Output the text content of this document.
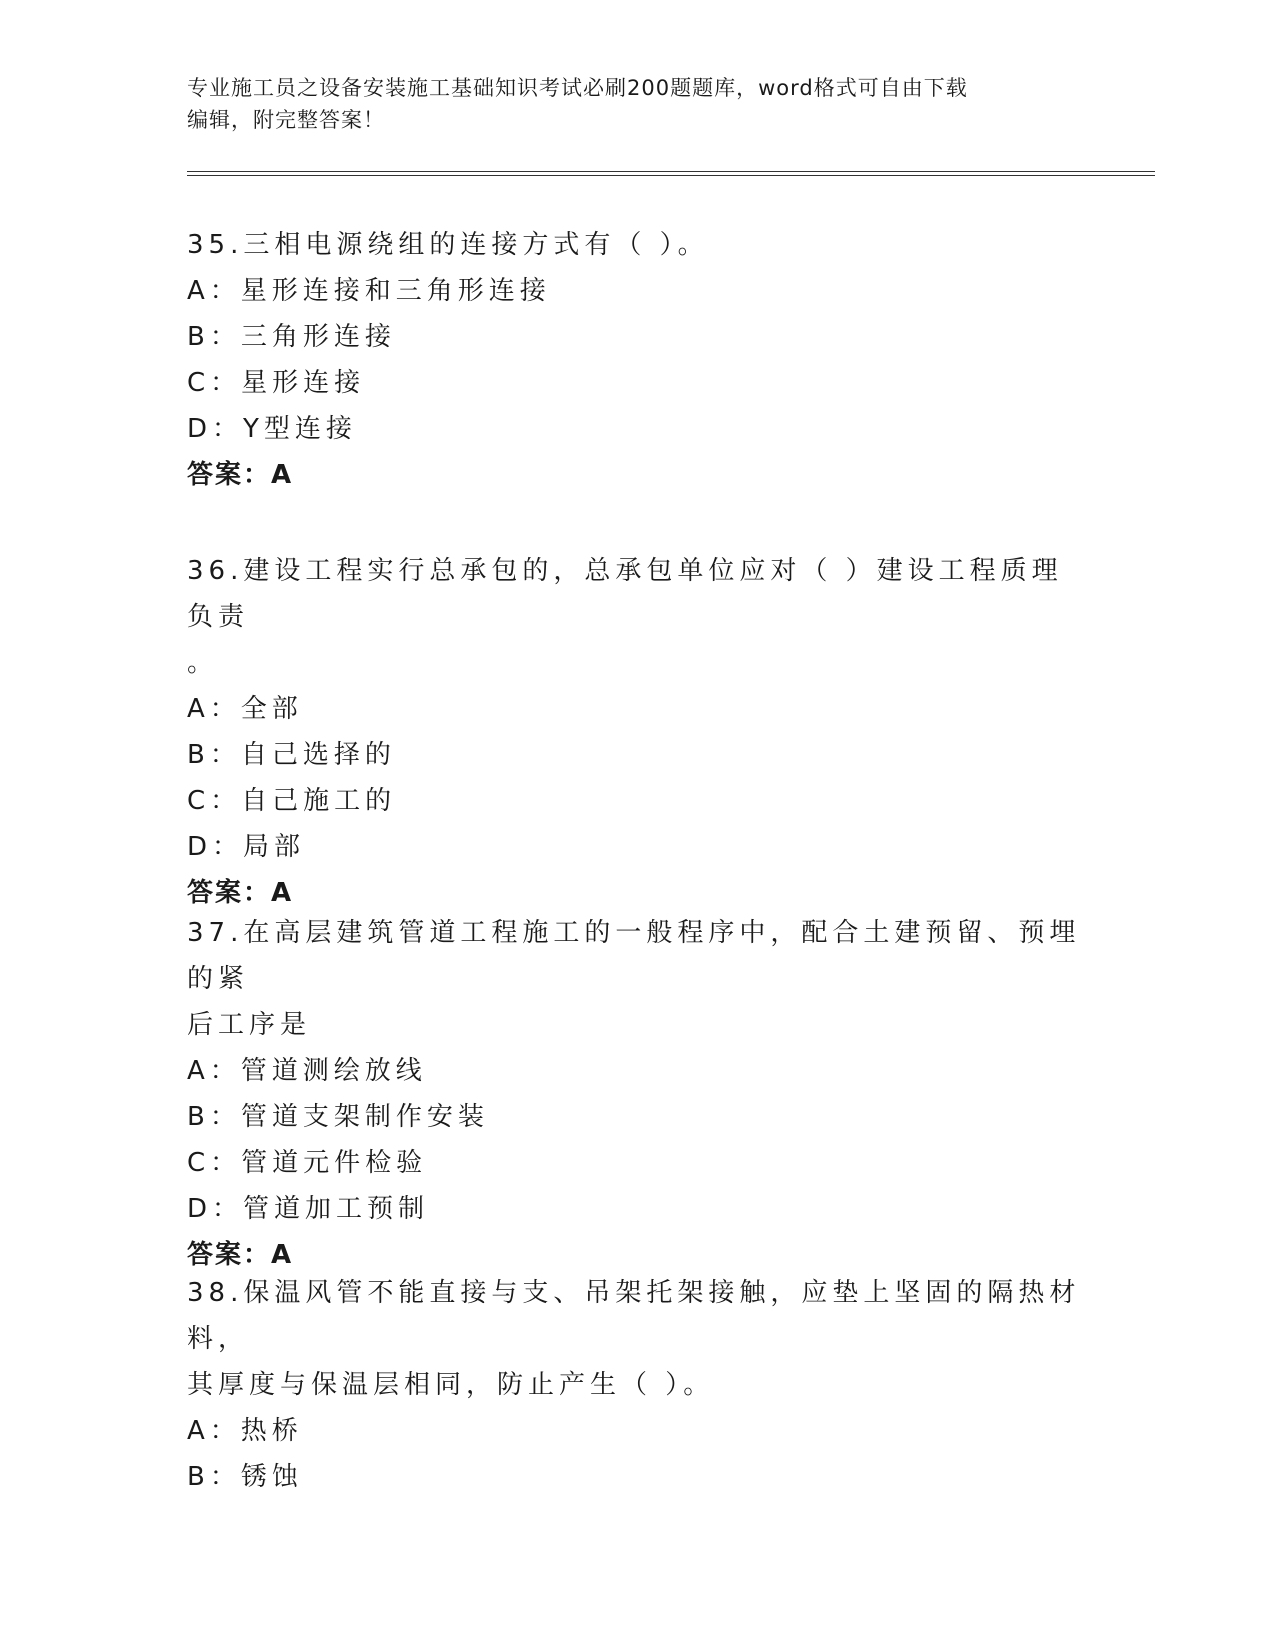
专业施工员之设备安装施工基础知识考试必刷200题题库，word格式可自由下载
编辑，附完整答案！
35.三相电源绕组的连接方式有（ ）。
A：星形连接和三角形连接
B：三角形连接
C：星形连接
D：Y型连接
答案：A
36.建设工程实行总承包的，总承包单位应对（ ）建设工程质理负责
。
A：全部
B：自己选择的
C：自己施工的
D：局部
答案：A
37.在高层建筑管道工程施工的一般程序中，配合土建预留、预埋的紧
后工序是
A：管道测绘放线
B：管道支架制作安装
C：管道元件检验
D：管道加工预制
答案：A
38.保温风管不能直接与支、吊架托架接触，应垫上坚固的隔热材料，
其厚度与保温层相同，防止产生（ ）。
A：热桥
B：锈蚀
